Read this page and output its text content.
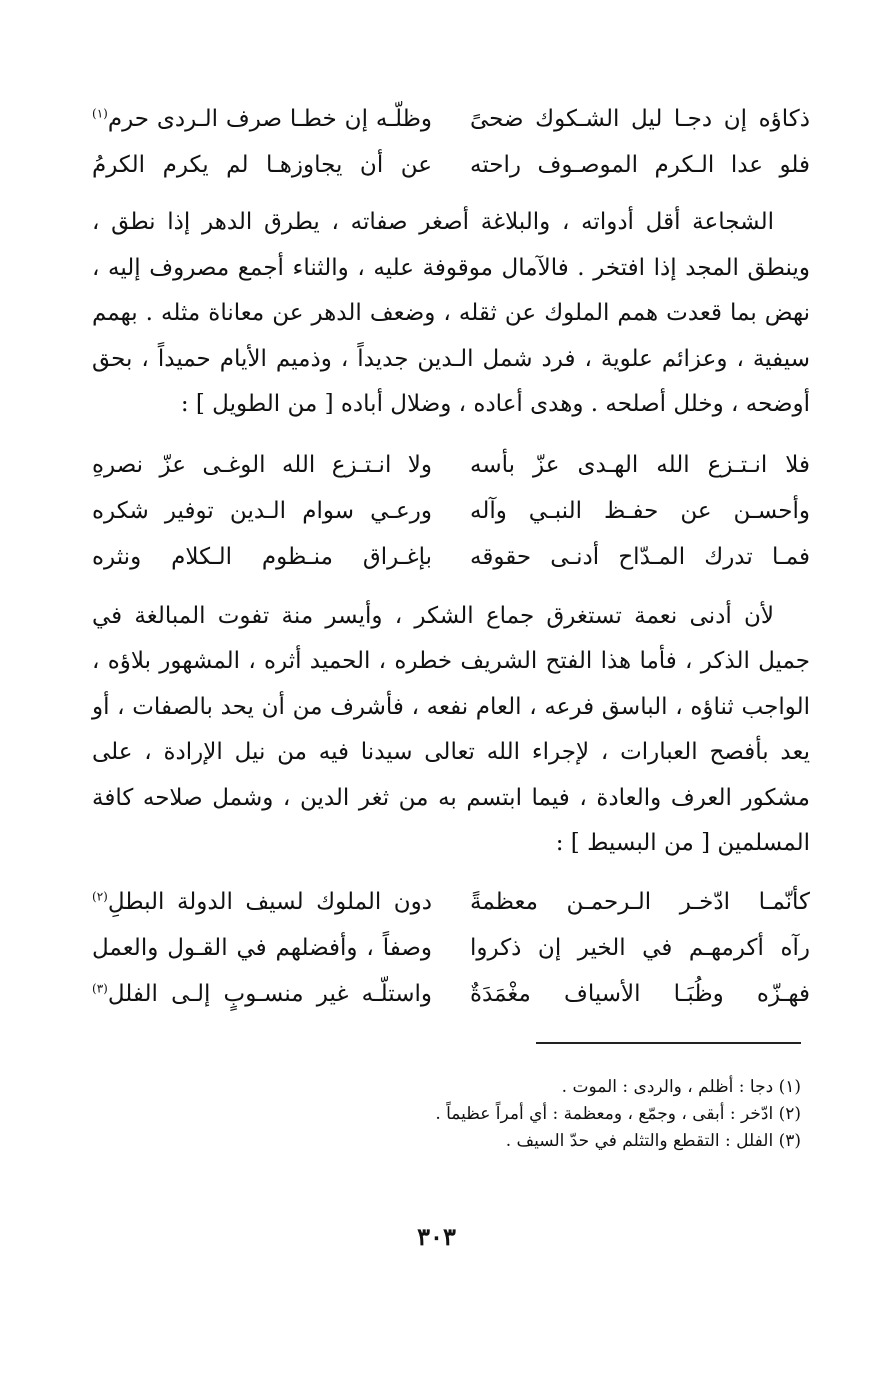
ذكاؤه إن دجـا ليل الشـكوك ضحىً
وظلّـه إن خطـا صرف الـردى حرم$^{(١)}$
فلو عدا الـكرم الموصـوف راحته
عن أن يجاوزهـا لم يكرم الكرمُ

الشجاعة أقل أدواته ، والبلاغة أصغر صفاته ، يطرق الدهر إذا نطق ، وينطق المجد إذا افتخر . فالآمال موقوفة عليه ، والثناء أجمع مصروف إليه ، نهض بما قعدت همم الملوك عن ثقله ، وضعف الدهر عن معاناة مثله . بهمم سيفية ، وعزائم علوية ، فرد شمل الـدين جديداً ، وذميم الأيام حميداً ، بحق أوضحه ، وخلل أصلحه . وهدى أعاده ، وضلال أباده [ من الطويل ] :

فلا انـتـزع الله الهـدى عزّ بأسه
ولا انـتـزع الله الوغـى عزّ نصرهِ
وأحسـن عن حفـظ النبـي وآله
ورعـي سوام الـدين توفير شكره
فمـا تدرك المـدّاح أدنـى حقوقه
بإغـراق منـظوم الـكلام ونثره

لأن أدنى نعمة تستغرق جماع الشكر ، وأيسر منة تفوت المبالغة في جميل الذكر ، فأما هذا الفتح الشريف خطره ، الحميد أثره ، المشهور بلاؤه ، الواجب ثناؤه ، الباسق فرعه ، العام نفعه ، فأشرف من أن يحد بالصفات ، أو يعد بأفصح العبارات ، لإجراء الله تعالى سيدنا فيه من نيل الإرادة ، على مشكور العرف والعادة ، فيما ابتسم به من ثغر الدين ، وشمل صلاحه كافة المسلمين [ من البسيط ] :

كأنّمـا ادّخـر الـرحمـن معظمةً
دون الملوك لسيف الدولة البطلِ$^{(٢)}$
رآه أكرمهـم في الخير إن ذكروا
وصفاً ، وأفضلهم في القـول والعمل
فهـزّه وظُبَـا الأسياف مغْمَدَةٌ
واستلّـه غير منسـوبٍ إلـى الفلل$^{(٣)}$
(١) دجا : أظلم ، والردى : الموت .
(٢) ادّخر : أبقى ، وجمّع ، ومعظمة : أي أمراً عظيماً .
(٣) الفلل : التقطع والتثلم في حدّ السيف .
٣٠٣
